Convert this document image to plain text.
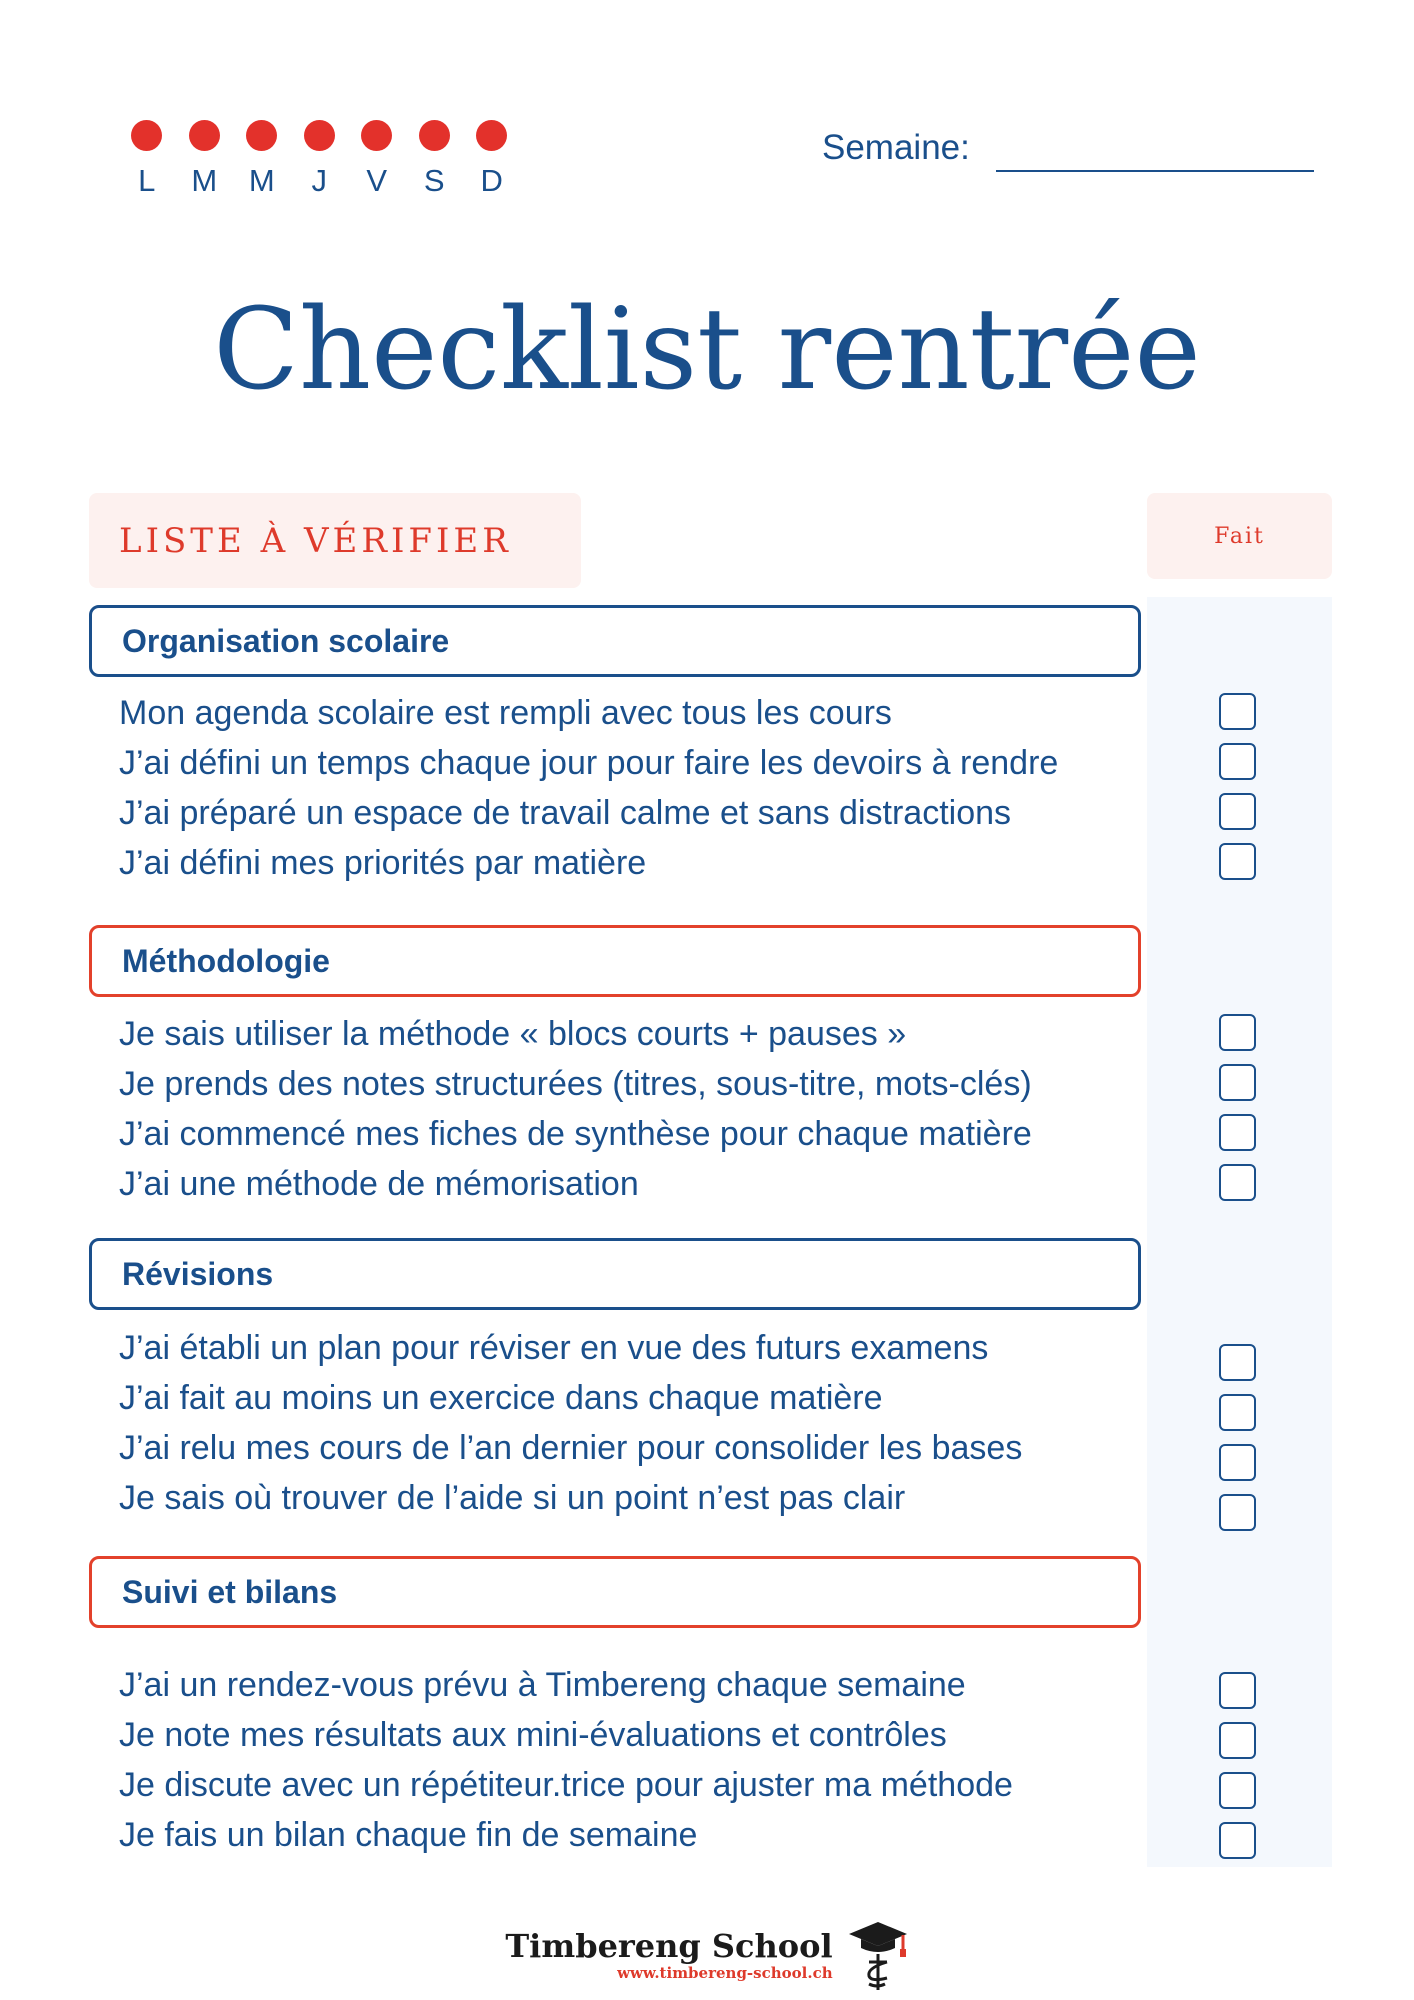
L M M J V S D
Semaine:
Checklist rentrée
LISTE À VÉRIFIER	Fait
Organisation scolaire
Mon agenda scolaire est rempli avec tous les cours
J’ai défini un temps chaque jour pour faire les devoirs à rendre
J’ai préparé un espace de travail calme et sans distractions
J’ai défini mes priorités par matière
Méthodologie
Je sais utiliser la méthode « blocs courts + pauses »
Je prends des notes structurées (titres, sous-titre, mots-clés)
J’ai commencé mes fiches de synthèse pour chaque matière
J’ai une méthode de mémorisation
Révisions
J’ai établi un plan pour réviser en vue des futurs examens
J’ai fait au moins un exercice dans chaque matière
J’ai relu mes cours de l’an dernier pour consolider les bases
Je sais où trouver de l’aide si un point n’est pas clair
Suivi et bilans
J’ai un rendez-vous prévu à Timbereng chaque semaine
Je note mes résultats aux mini-évaluations et contrôles
Je discute avec un répétiteur.trice pour ajuster ma méthode
Je fais un bilan chaque fin de semaine
Timbereng School
www.timbereng-school.ch
